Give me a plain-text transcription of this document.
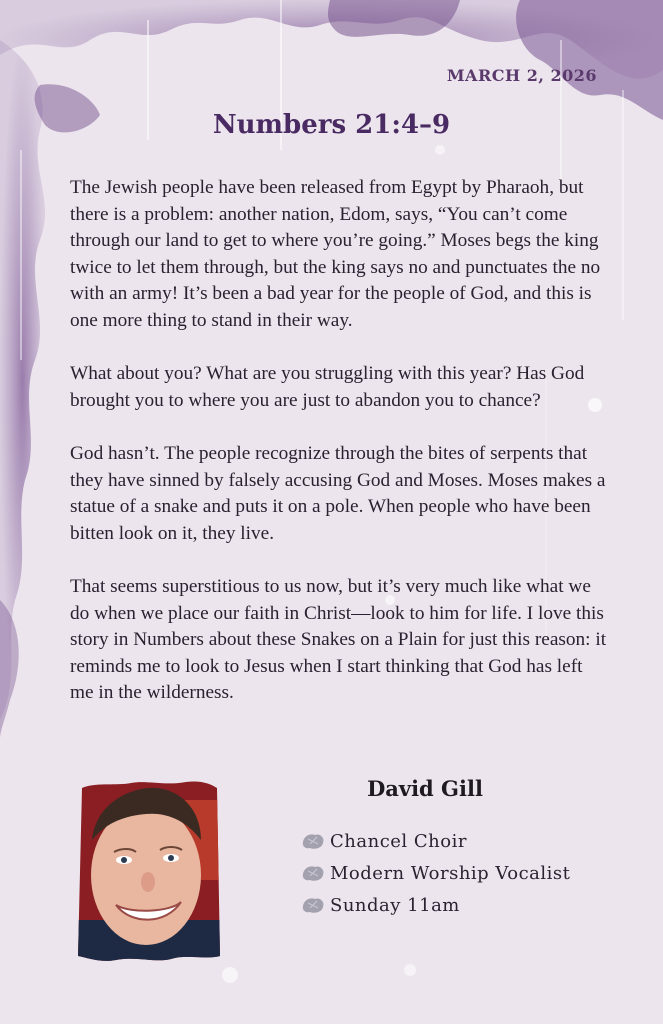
MARCH 2, 2026
Numbers 21:4–9

The Jewish people have been released from Egypt by Pharaoh, but there is a problem: another nation, Edom, says, “You can’t come through our land to get to where you’re going.” Moses begs the king twice to let them through, but the king says no and punctuates the no with an army! It’s been a bad year for the people of God, and this is one more thing to stand in their way.

What about you? What are you struggling with this year? Has God brought you to where you are just to abandon you to chance?

God hasn’t. The people recognize through the bites of serpents that they have sinned by falsely accusing God and Moses. Moses makes a statue of a snake and puts it on a pole. When people who have been bitten look on it, they live.

That seems superstitious to us now, but it’s very much like what we do when we place our faith in Christ—look to him for life. I love this story in Numbers about these Snakes on a Plain for just this reason: it reminds me to look to Jesus when I start thinking that God has left me in the wilderness.

David Gill
Chancel Choir
Modern Worship Vocalist
Sunday 11am
